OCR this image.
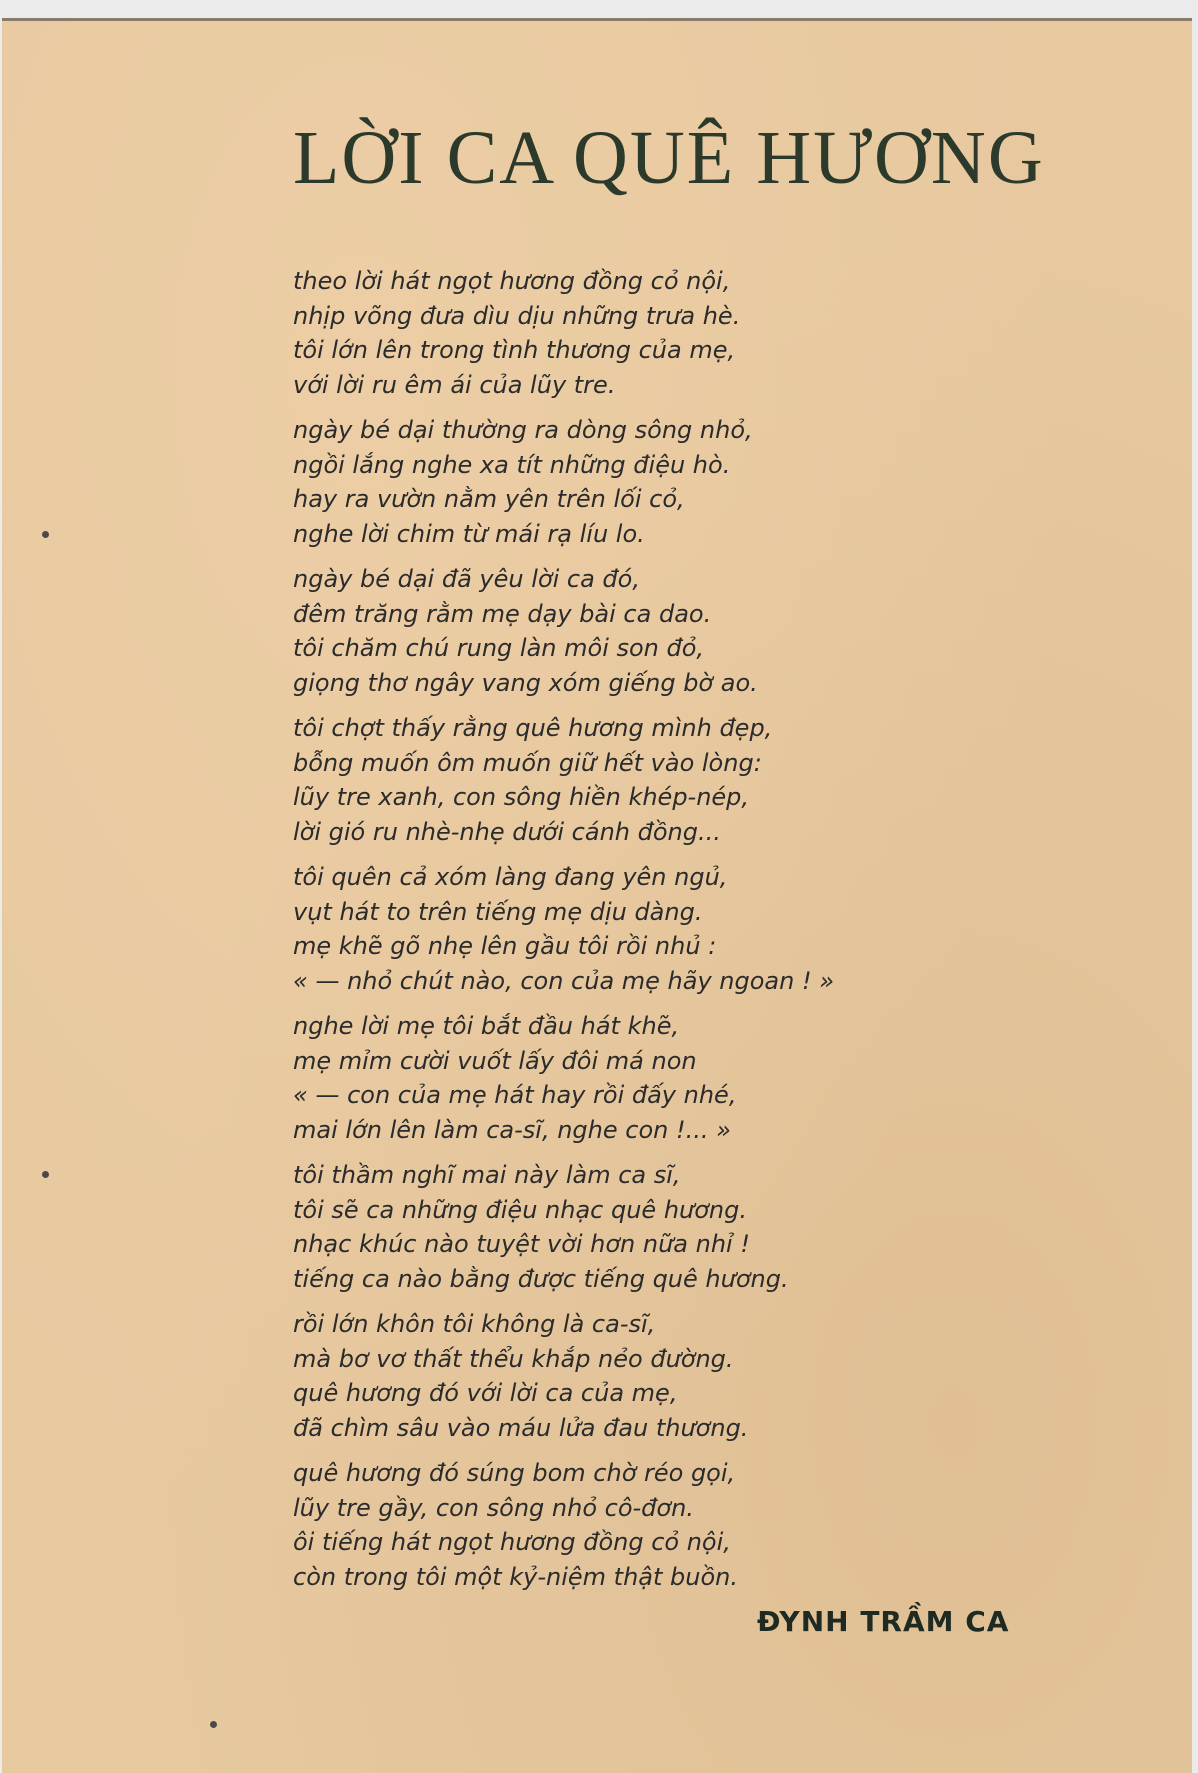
LỜI CA QUÊ HƯƠNG
theo lời hát ngọt hương đồng cỏ nội,
nhịp võng đưa dìu dịu những trưa hè.
tôi lớn lên trong tình thương của mẹ,
với lời ru êm ái của lũy tre.
ngày bé dại thường ra dòng sông nhỏ,
ngồi lắng nghe xa tít những điệu hò.
hay ra vườn nằm yên trên lối cỏ,
nghe lời chim từ mái rạ líu lo.
ngày bé dại đã yêu lời ca đó,
đêm trăng rằm mẹ dạy bài ca dao.
tôi chăm chú rung làn môi son đỏ,
giọng thơ ngây vang xóm giếng bờ ao.
tôi chợt thấy rằng quê hương mình đẹp,
bỗng muốn ôm muốn giữ hết vào lòng:
lũy tre xanh, con sông hiền khép-nép,
lời gió ru nhè-nhẹ dưới cánh đồng...
tôi quên cả xóm làng đang yên ngủ,
vụt hát to trên tiếng mẹ dịu dàng.
mẹ khẽ gõ nhẹ lên gầu tôi rồi nhủ :
« — nhỏ chút nào, con của mẹ hãy ngoan ! »
nghe lời mẹ tôi bắt đầu hát khẽ,
mẹ mỉm cười vuốt lấy đôi má non
« — con của mẹ hát hay rồi đấy nhé,
mai lớn lên làm ca-sĩ, nghe con !... »
tôi thầm nghĩ mai này làm ca sĩ,
tôi sẽ ca những điệu nhạc quê hương.
nhạc khúc nào tuyệt vời hơn nữa nhỉ !
tiếng ca nào bằng được tiếng quê hương.
rồi lớn khôn tôi không là ca-sĩ,
mà bơ vơ thất thểu khắp nẻo đường.
quê hương đó với lời ca của mẹ,
đã chìm sâu vào máu lửa đau thương.
quê hương đó súng bom chờ réo gọi,
lũy tre gầy, con sông nhỏ cô-đơn.
ôi tiếng hát ngọt hương đồng cỏ nội,
còn trong tôi một kỷ-niệm thật buồn.

ĐYNH TRẦM CA
